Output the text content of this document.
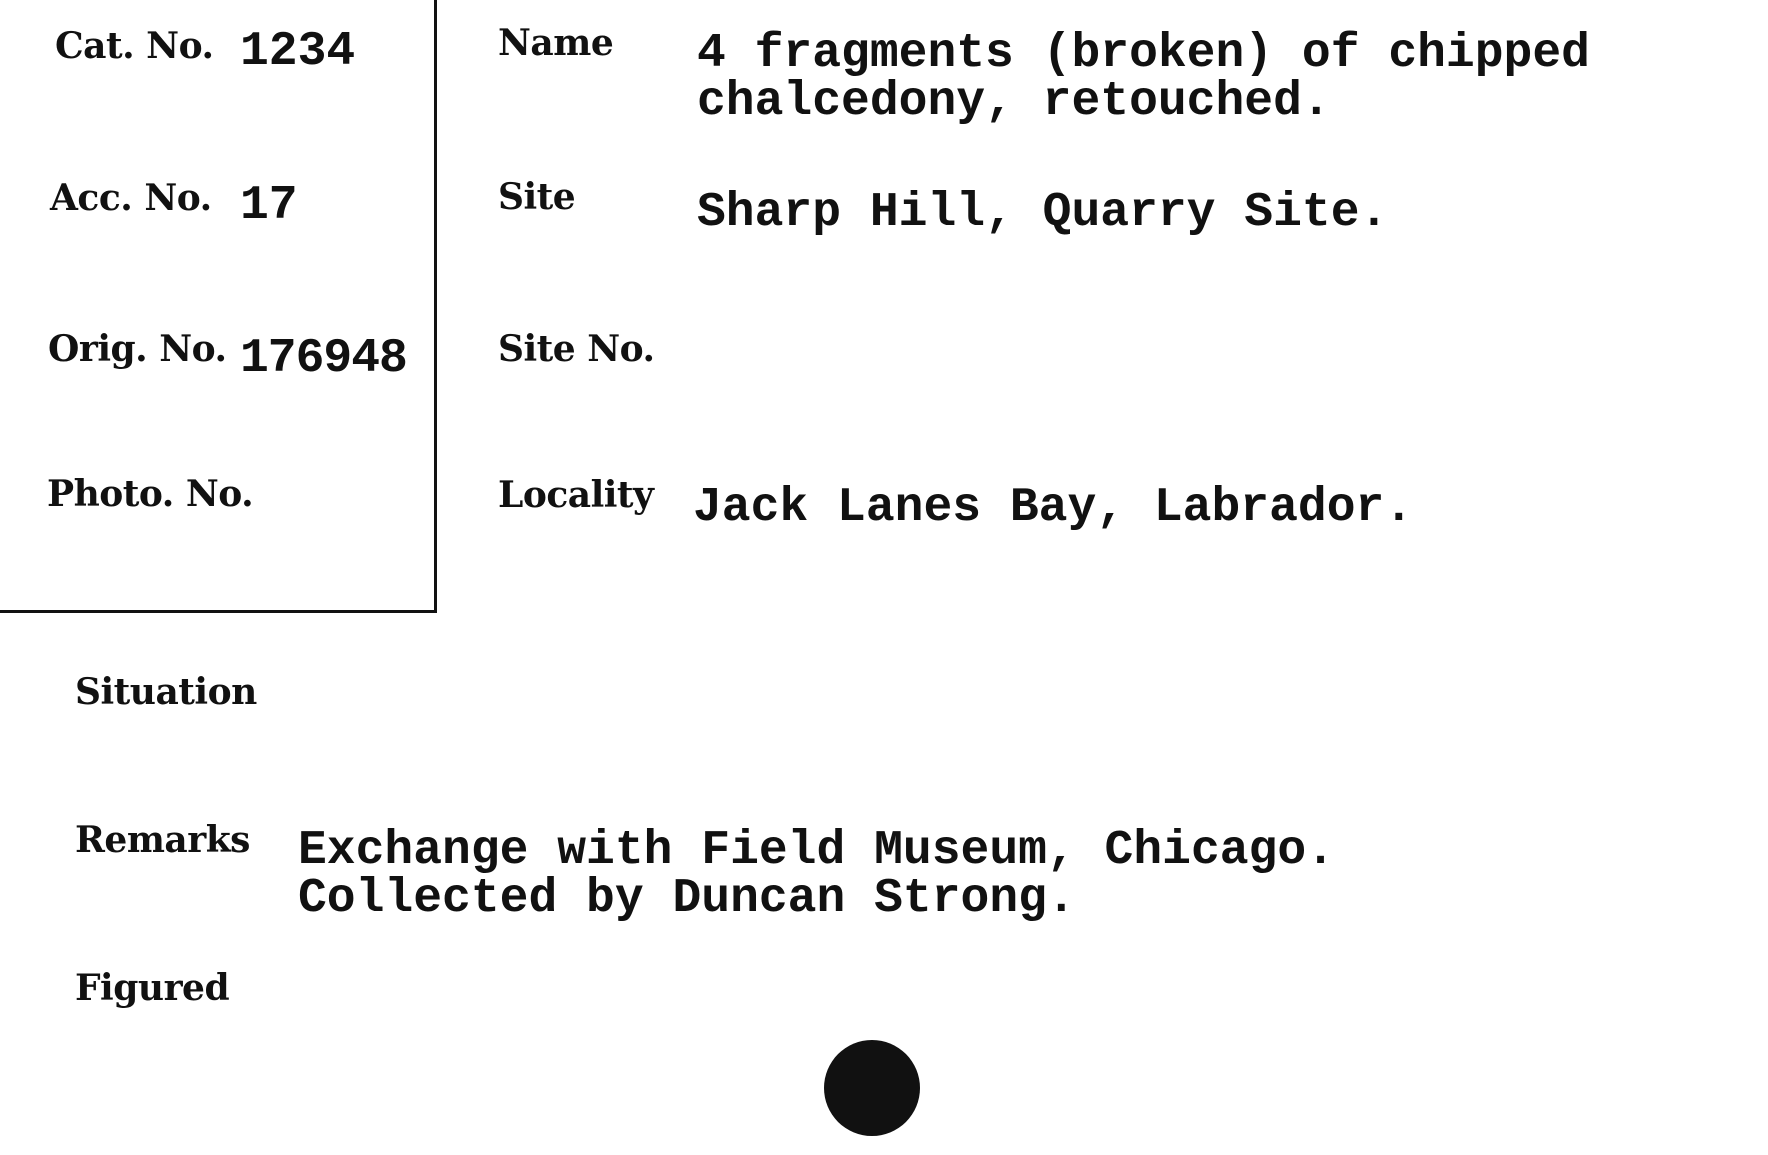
Cat. No. 1234
Acc. No. 17
Orig. No. 176948
Photo. No.
Name 4 fragments (broken) of chipped
chalcedony, retouched.
Site	Sharp Hill, Quarry Site.
Site No.
Locality Jack Lanes Bay, Labrador.
Situation
Remarks Exchange with Field Museum, Chicago.
Collected by Duncan Strong.
Figured
